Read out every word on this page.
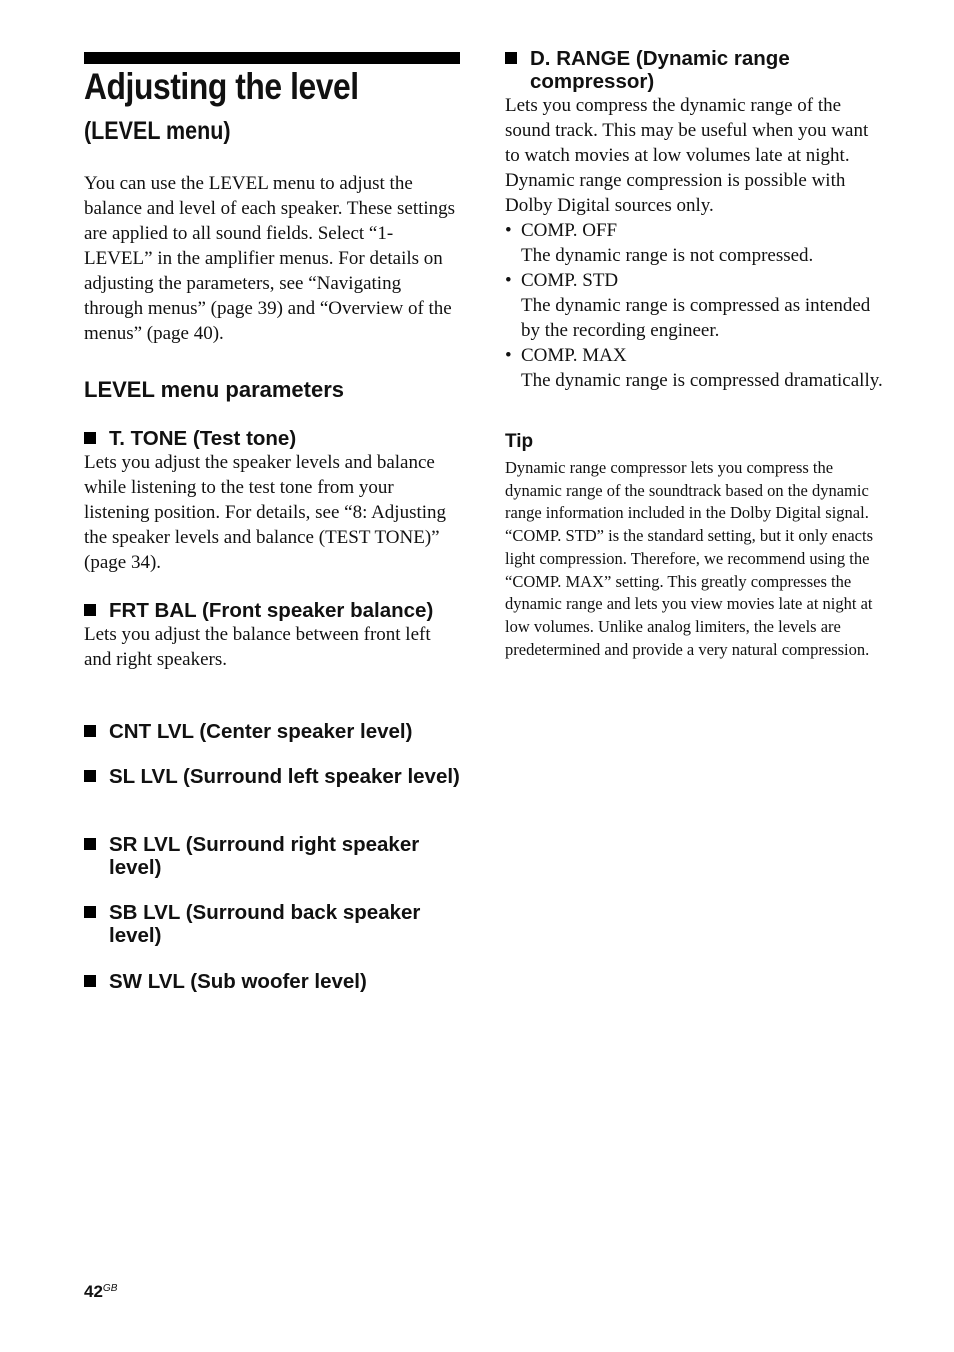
Adjusting the level
(LEVEL menu)

You can use the LEVEL menu to adjust the balance and level of each speaker. These settings are applied to all sound fields. Select “1-LEVEL” in the amplifier menus. For details on adjusting the parameters, see “Navigating through menus” (page 39) and “Overview of the menus” (page 40).

LEVEL menu parameters
T. TONE (Test tone)

Lets you adjust the speaker levels and balance while listening to the test tone from your listening position. For details, see “8: Adjusting the speaker levels and balance (TEST TONE)” (page 34).

FRT BAL (Front speaker balance)

Lets you adjust the balance between front left and right speakers.

CNT LVL (Center speaker level)
SL LVL (Surround left speaker level)
SR LVL (Surround right speaker level)
SB LVL (Surround back speaker level)
SW LVL (Sub woofer level)
D. RANGE (Dynamic range compressor)

Lets you compress the dynamic range of the sound track. This may be useful when you want to watch movies at low volumes late at night. Dynamic range compression is possible with Dolby Digital sources only.

• COMP. OFF
The dynamic range is not compressed.
• COMP. STD
The dynamic range is compressed as intended by the recording engineer.
• COMP. MAX
The dynamic range is compressed dramatically.
Tip

Dynamic range compressor lets you compress the dynamic range of the soundtrack based on the dynamic range information included in the Dolby Digital signal.

“COMP. STD” is the standard setting, but it only enacts light compression. Therefore, we recommend using the “COMP. MAX” setting. This greatly compresses the dynamic range and lets you view movies late at night at low volumes. Unlike analog limiters, the levels are predetermined and provide a very natural compression.

$42^{GB}$
